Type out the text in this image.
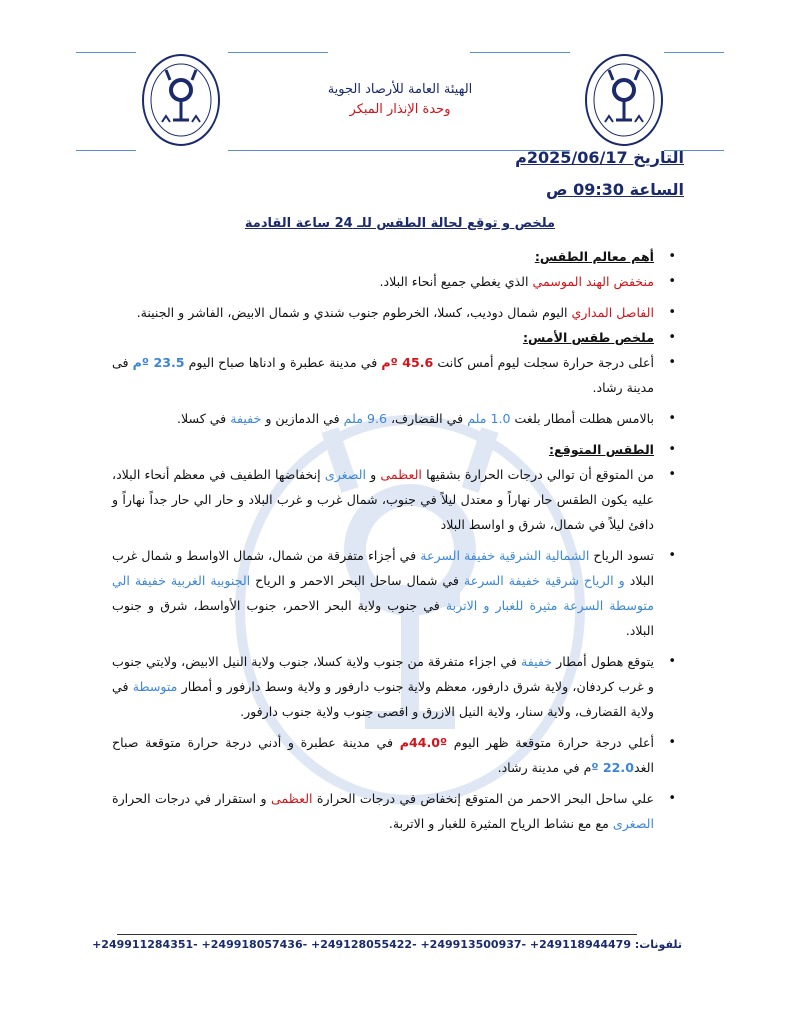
الهيئة العامة للأرصاد الجوية
وحدة الإنذار المبكر
التاريخ 2025/06/17م
الساعة 09:30 ص
ملخص و توقع لحالة الطقس للـ 24 ساعة القادمة
• أهم معالم الطقس:
• منخفض الهند الموسمي الذي يغطي جميع أنحاء البلاد.
• الفاصل المداري اليوم شمال دوديب، كسلا، الخرطوم جنوب شندي و شمال الابيض، الفاشر و الجنينة.
• ملخص طقس الأمس:
• أعلى درجة حرارة سجلت ليوم أمس كانت 45.6 ºم في مدينة عطبرة و ادناها صباح اليوم 23.5 ºم فى مدينة رشاد.
• بالامس هطلت أمطار بلغت 1.0 ملم في القضارف، 9.6 ملم في الدمازين و خفيفة في كسلا.
• الطقس المتوقع:
• من المتوقع أن توالي درجات الحرارة بشقيها العظمى و الصغرى إنخفاضها الطفيف في معظم أنحاء البلاد، عليه يكون الطقس حار نهاراً و معتدل ليلاً في جنوب، شمال غرب و غرب البلاد و حار الي حار جداً نهاراً و دافئ ليلاً في شمال، شرق و اواسط البلاد
• تسود الرياح الشمالية الشرقية خفيفة السرعة في أجزاء متفرقة من شمال، شمال الاواسط و شمال غرب البلاد و الرياح شرقية خفيفة السرعة في شمال ساحل البحر الاحمر و الرياح الجنوبية الغربية خفيفة الي متوسطة السرعة مثيرة للغبار و الاتربة في جنوب ولاية البحر الاحمر، جنوب الأواسط، شرق و جنوب البلاد.
• يتوقع هطول أمطار خفيفة في اجزاء متفرقة من جنوب ولاية كسلا، جنوب ولاية النيل الابيض، ولايتي جنوب و غرب كردفان، ولاية شرق دارفور، معظم ولاية جنوب دارفور و ولاية وسط دارفور و أمطار متوسطة في ولاية القضارف، ولاية سنار، ولاية النيل الازرق و اقصى جنوب ولاية جنوب دارفور.
• أعلي درجة حرارة متوقعة ظهر اليوم 44.0ºم في مدينة عطبرة و أدني درجة حرارة متوقعة صباح الغد22.0 ºم في مدينة رشاد.
• علي ساحل البحر الاحمر من المتوقع إنخفاض في درجات الحرارة العظمى و استقرار في درجات الحرارة الصغرى مع مع نشاط الرياح المثيرة للغبار و الاتربة.
تلفونات: +249911284351- +249918057436- +249128055422- +249913500937- +249118944479
